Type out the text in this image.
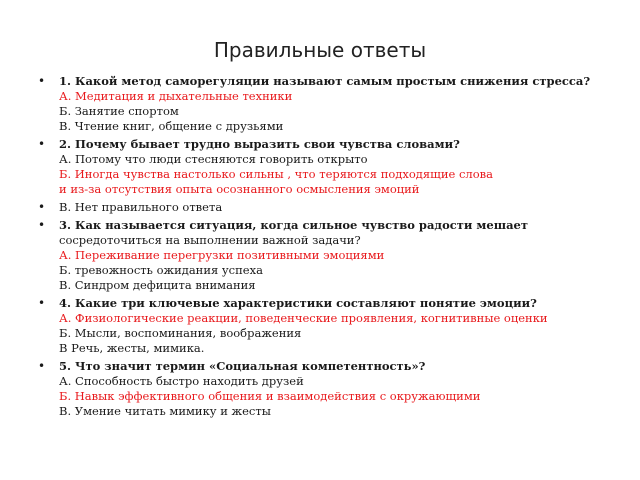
Правильные ответы
• 1. Какой метод саморегуляции называют самым простым снижения стресса?
А. Медитация и дыхательные техники
Б. Занятие спортом
В. Чтение книг, общение с друзьями
• 2. Почему бывает трудно выразить свои чувства словами?
А. Потому что люди стесняются говорить открыто
Б. Иногда чувства настолько сильны , что теряются подходящие слова
и из-за отсутствия опыта осознанного осмысления эмоций
• В. Нет правильного ответа
• 3. Как называется ситуация, когда сильное чувство радости мешает
сосредоточиться на выполнении важной задачи?
А. Переживание перегрузки позитивными эмоциями
Б. тревожность ожидания успеха
В. Синдром дефицита внимания
• 4. Какие три ключевые характеристики составляют понятие эмоции?
А. Физиологические реакции, поведенческие проявления, когнитивные оценки
Б. Мысли, воспоминания, воображения
В Речь, жесты, мимика.
• 5. Что значит термин «Социальная компетентность»?
А. Способность быстро находить друзей
Б. Навык эффективного общения и взаимодействия с окружающими
В. Умение читать мимику и жесты
